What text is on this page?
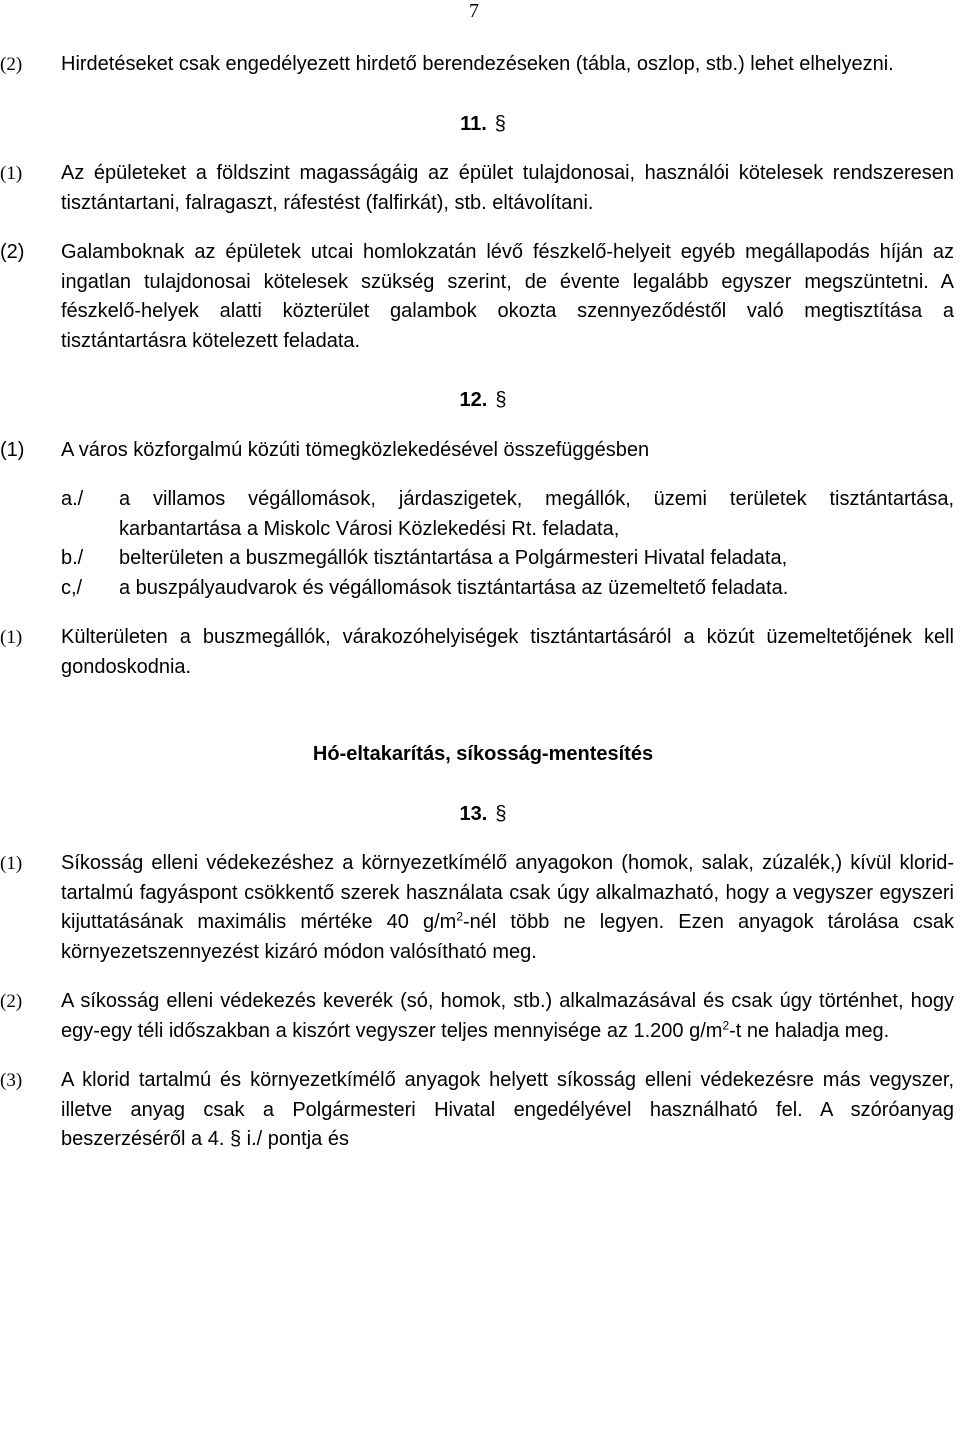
7
(2) Hirdetéseket csak engedélyezett hirdető berendezéseken (tábla, oszlop, stb.) lehet elhelyezni.
11. §
(1) Az épületeket a földszint magasságáig az épület tulajdonosai, használói kötelesek rendszeresen tisztántartani, falragaszt, ráfestést (falfirkát), stb. eltávolítani.
(2) Galamboknak az épületek utcai homlokzatán lévő fészkelő-helyeit egyéb megállapodás híján az ingatlan tulajdonosai kötelesek szükség szerint, de évente legalább egyszer megszüntetni. A fészkelő-helyek alatti közterület galambok okozta szennyeződéstől való megtisztítása a tisztántartásra kötelezett feladata.
12. §
(1) A város közforgalmú közúti tömegközlekedésével összefüggésben
a./ a villamos végállomások, járdaszigetek, megállók, üzemi területek tisztántartása, karbantartása a Miskolc Városi Közlekedési Rt. feladata,
b./ belterületen a buszmegállók tisztántartása a Polgármesteri Hivatal feladata,
c,/ a buszpályaudvarok és végállomások tisztántartása az üzemeltető feladata.
(1) Külterületen a buszmegállók, várakozóhelyiségek tisztántartásáról a közút üzemeltetőjének kell gondoskodnia.
Hó-eltakarítás, síkosság-mentesítés
13. §
(1) Síkosság elleni védekezéshez a környezetkímélő anyagokon (homok, salak, zúzalék,) kívül klorid-tartalmú fagyáspont csökkentő szerek használata csak úgy alkalmazható, hogy a vegyszer egyszeri kijuttatásának maximális mértéke 40 $g/m^2$-nél több ne legyen. Ezen anyagok tárolása csak környezetszennyezést kizáró módon valósítható meg.
(2) A síkosság elleni védekezés keverék (só, homok, stb.) alkalmazásával és csak úgy történhet, hogy egy-egy téli időszakban a kiszórt vegyszer teljes mennyisége az 1.200 $g/m^2-t$ ne haladja meg.
(3) A klorid tartalmú és környezetkímélő anyagok helyett síkosság elleni védekezésre más vegyszer, illetve anyag csak a Polgármesteri Hivatal engedélyével használható fel. A szóróanyag beszerzéséről a 4. § i./ pontja és
